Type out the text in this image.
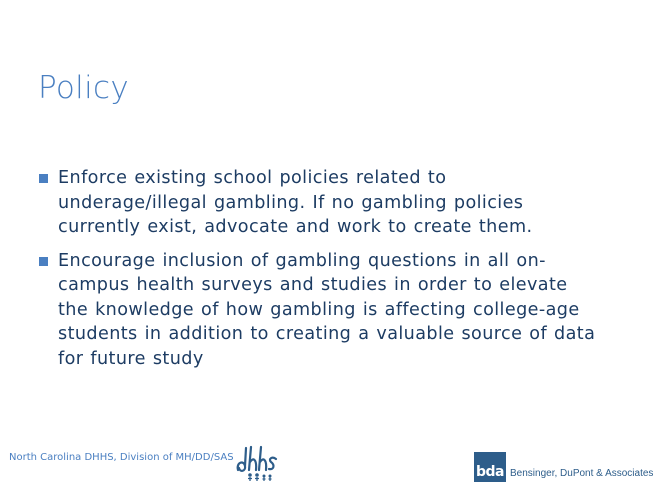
Policy
Enforce existing school policies related to underage/illegal gambling. If no gambling policies currently exist, advocate and work to create them.
Encourage inclusion of gambling questions in all on-campus health surveys and studies in order to elevate the knowledge of how gambling is affecting college-age students in addition to creating a valuable source of data for future study
North Carolina DHHS, Division of MH/DD/SAS
bda Bensinger, DuPont & Associates
